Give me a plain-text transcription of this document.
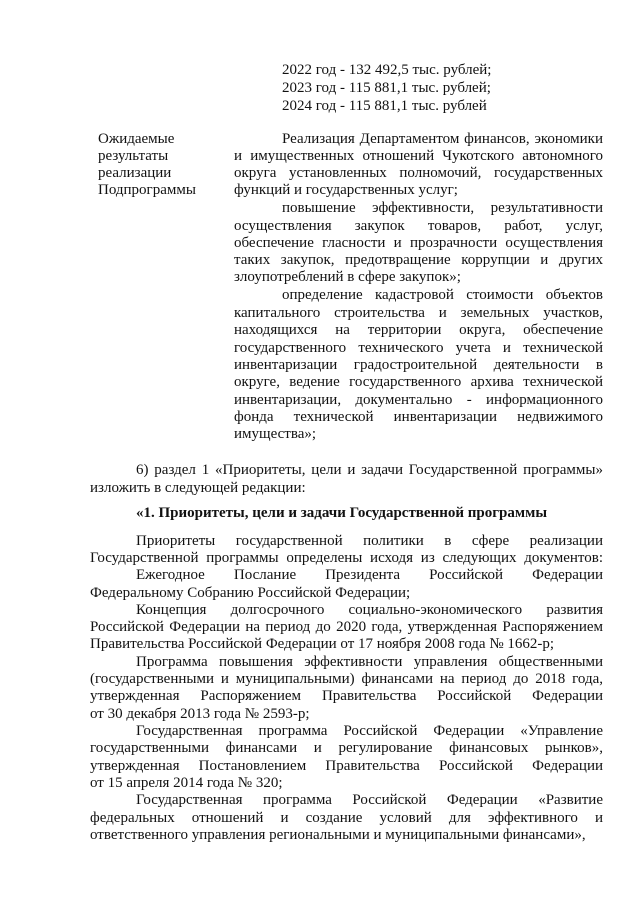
2022 год - 132 492,5 тыс. рублей;
2023 год - 115 881,1 тыс. рублей;
2024 год - 115 881,1 тыс. рублей
Ожидаемые
результаты
реализации
Подпрограммы
Реализация Департаментом финансов, экономики
и имущественных отношений Чукотского автономного
округа установленных полномочий, государственных
функций и государственных услуг;
повышение эффективности, результативности
осуществления закупок товаров, работ, услуг,
обеспечение гласности и прозрачности осуществления
таких закупок, предотвращение коррупции и других
злоупотреблений в сфере закупок»;
определение кадастровой стоимости объектов
капитального строительства и земельных участков,
находящихся на территории округа, обеспечение
государственного технического учета и технической
инвентаризации градостроительной деятельности в
округе, ведение государственного архива технической
инвентаризации, документально - информационного
фонда технической инвентаризации недвижимого
имущества»;
6) раздел 1 «Приоритеты, цели и задачи Государственной программы»
изложить в следующей редакции:
«1. Приоритеты, цели и задачи Государственной программы
Приоритеты государственной политики в сфере реализации
Государственной программы определены исходя из следующих документов:
Ежегодное Послание Президента Российской Федерации
Федеральному Собранию Российской Федерации;
Концепция долгосрочного социально-экономического развития
Российской Федерации на период до 2020 года, утвержденная Распоряжением
Правительства Российской Федерации от 17 ноября 2008 года № 1662-р;
Программа повышения эффективности управления общественными
(государственными и муниципальными) финансами на период до 2018 года,
утвержденная Распоряжением Правительства Российской Федерации
от 30 декабря 2013 года № 2593-р;
Государственная программа Российской Федерации «Управление
государственными финансами и регулирование финансовых рынков»,
утвержденная Постановлением Правительства Российской Федерации
от 15 апреля 2014 года № 320;
Государственная программа Российской Федерации «Развитие
федеральных отношений и создание условий для эффективного и
ответственного управления региональными и муниципальными финансами»,
